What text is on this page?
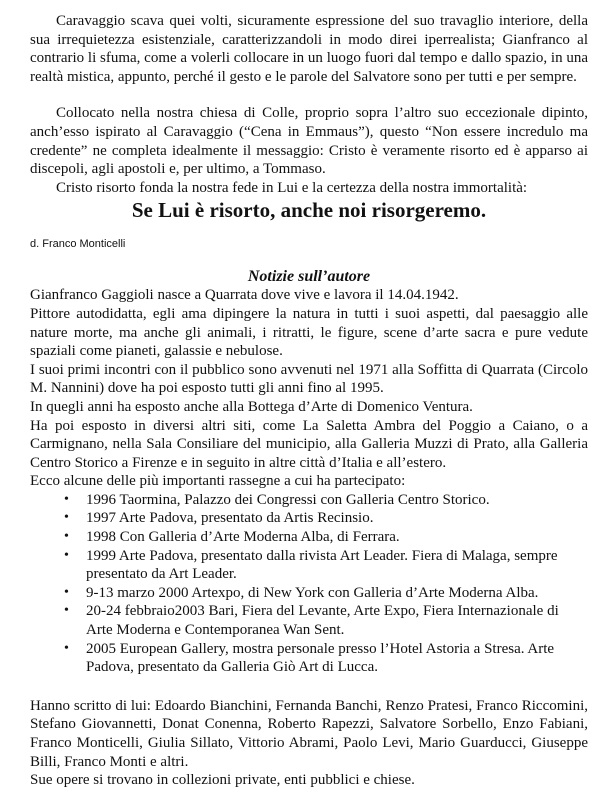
Caravaggio scava quei volti, sicuramente espressione del suo travaglio interiore, della sua irrequietezza esistenziale, caratterizzandoli in modo direi iperrealista; Gianfranco al contrario li sfuma, come a volerli collocare in un luogo fuori dal tempo e dallo spazio, in una realtà mistica, appunto, perché il gesto e le parole del Salvatore sono per tutti e per sempre.

Collocato nella nostra chiesa di Colle, proprio sopra l’altro suo eccezionale dipinto, anch’esso ispirato al Caravaggio (“Cena in Emmaus”), questo “Non essere incredulo ma credente” ne completa idealmente il messaggio: Cristo è veramente risorto ed è apparso ai discepoli, agli apostoli e, per ultimo, a Tommaso.

Cristo risorto fonda la nostra fede in Lui e la certezza della nostra immortalità:

Se Lui è risorto, anche noi risorgeremo.

d. Franco Monticelli
Notizie sull’autore

Gianfranco Gaggioli nasce a Quarrata dove vive e lavora il 14.04.1942.

Pittore autodidatta, egli ama dipingere la natura in tutti i suoi aspetti, dal paesaggio alle nature morte, ma anche gli animali, i ritratti, le figure, scene d’arte sacra e pure vedute spaziali come pianeti, galassie e nebulose.

I suoi primi incontri con il pubblico sono avvenuti nel 1971 alla Soffitta di Quarrata (Circolo M. Nannini) dove ha poi esposto tutti gli anni fino al 1995.

In quegli anni ha esposto anche alla Bottega d’Arte di Domenico Ventura.

Ha poi esposto in diversi altri siti, come La Saletta Ambra del Poggio a Caiano, o a Carmignano, nella Sala Consiliare del municipio, alla Galleria Muzzi di Prato, alla Galleria Centro Storico a Firenze e in seguito in altre città d’Italia e all’estero.

Ecco alcune delle più importanti rassegne a cui ha partecipato:

• 1996 Taormina, Palazzo dei Congressi con Galleria Centro Storico.
• 1997 Arte Padova, presentato da Artis Recinsio.
• 1998 Con Galleria d’Arte Moderna Alba, di Ferrara.
• 1999 Arte Padova, presentato dalla rivista Art Leader. Fiera di Malaga, sempre presentato da Art Leader.
• 9-13 marzo 2000 Artexpo, di New York con Galleria d’Arte Moderna Alba.
• 20-24 febbraio2003 Bari, Fiera del Levante, Arte Expo, Fiera Internazionale di Arte Moderna e Contemporanea Wan Sent.
• 2005 European Gallery, mostra personale presso l’Hotel Astoria a Stresa. Arte Padova, presentato da Galleria Giò Art di Lucca.

Hanno scritto di lui: Edoardo Bianchini, Fernanda Banchi, Renzo Pratesi, Franco Riccomini, Stefano Giovannetti, Donat Conenna, Roberto Rapezzi, Salvatore Sorbello, Enzo Fabiani, Franco Monticelli, Giulia Sillato, Vittorio Abrami, Paolo Levi, Mario Guarducci, Giuseppe Billi, Franco Monti e altri.

Sue opere si trovano in collezioni private, enti pubblici e chiese.
